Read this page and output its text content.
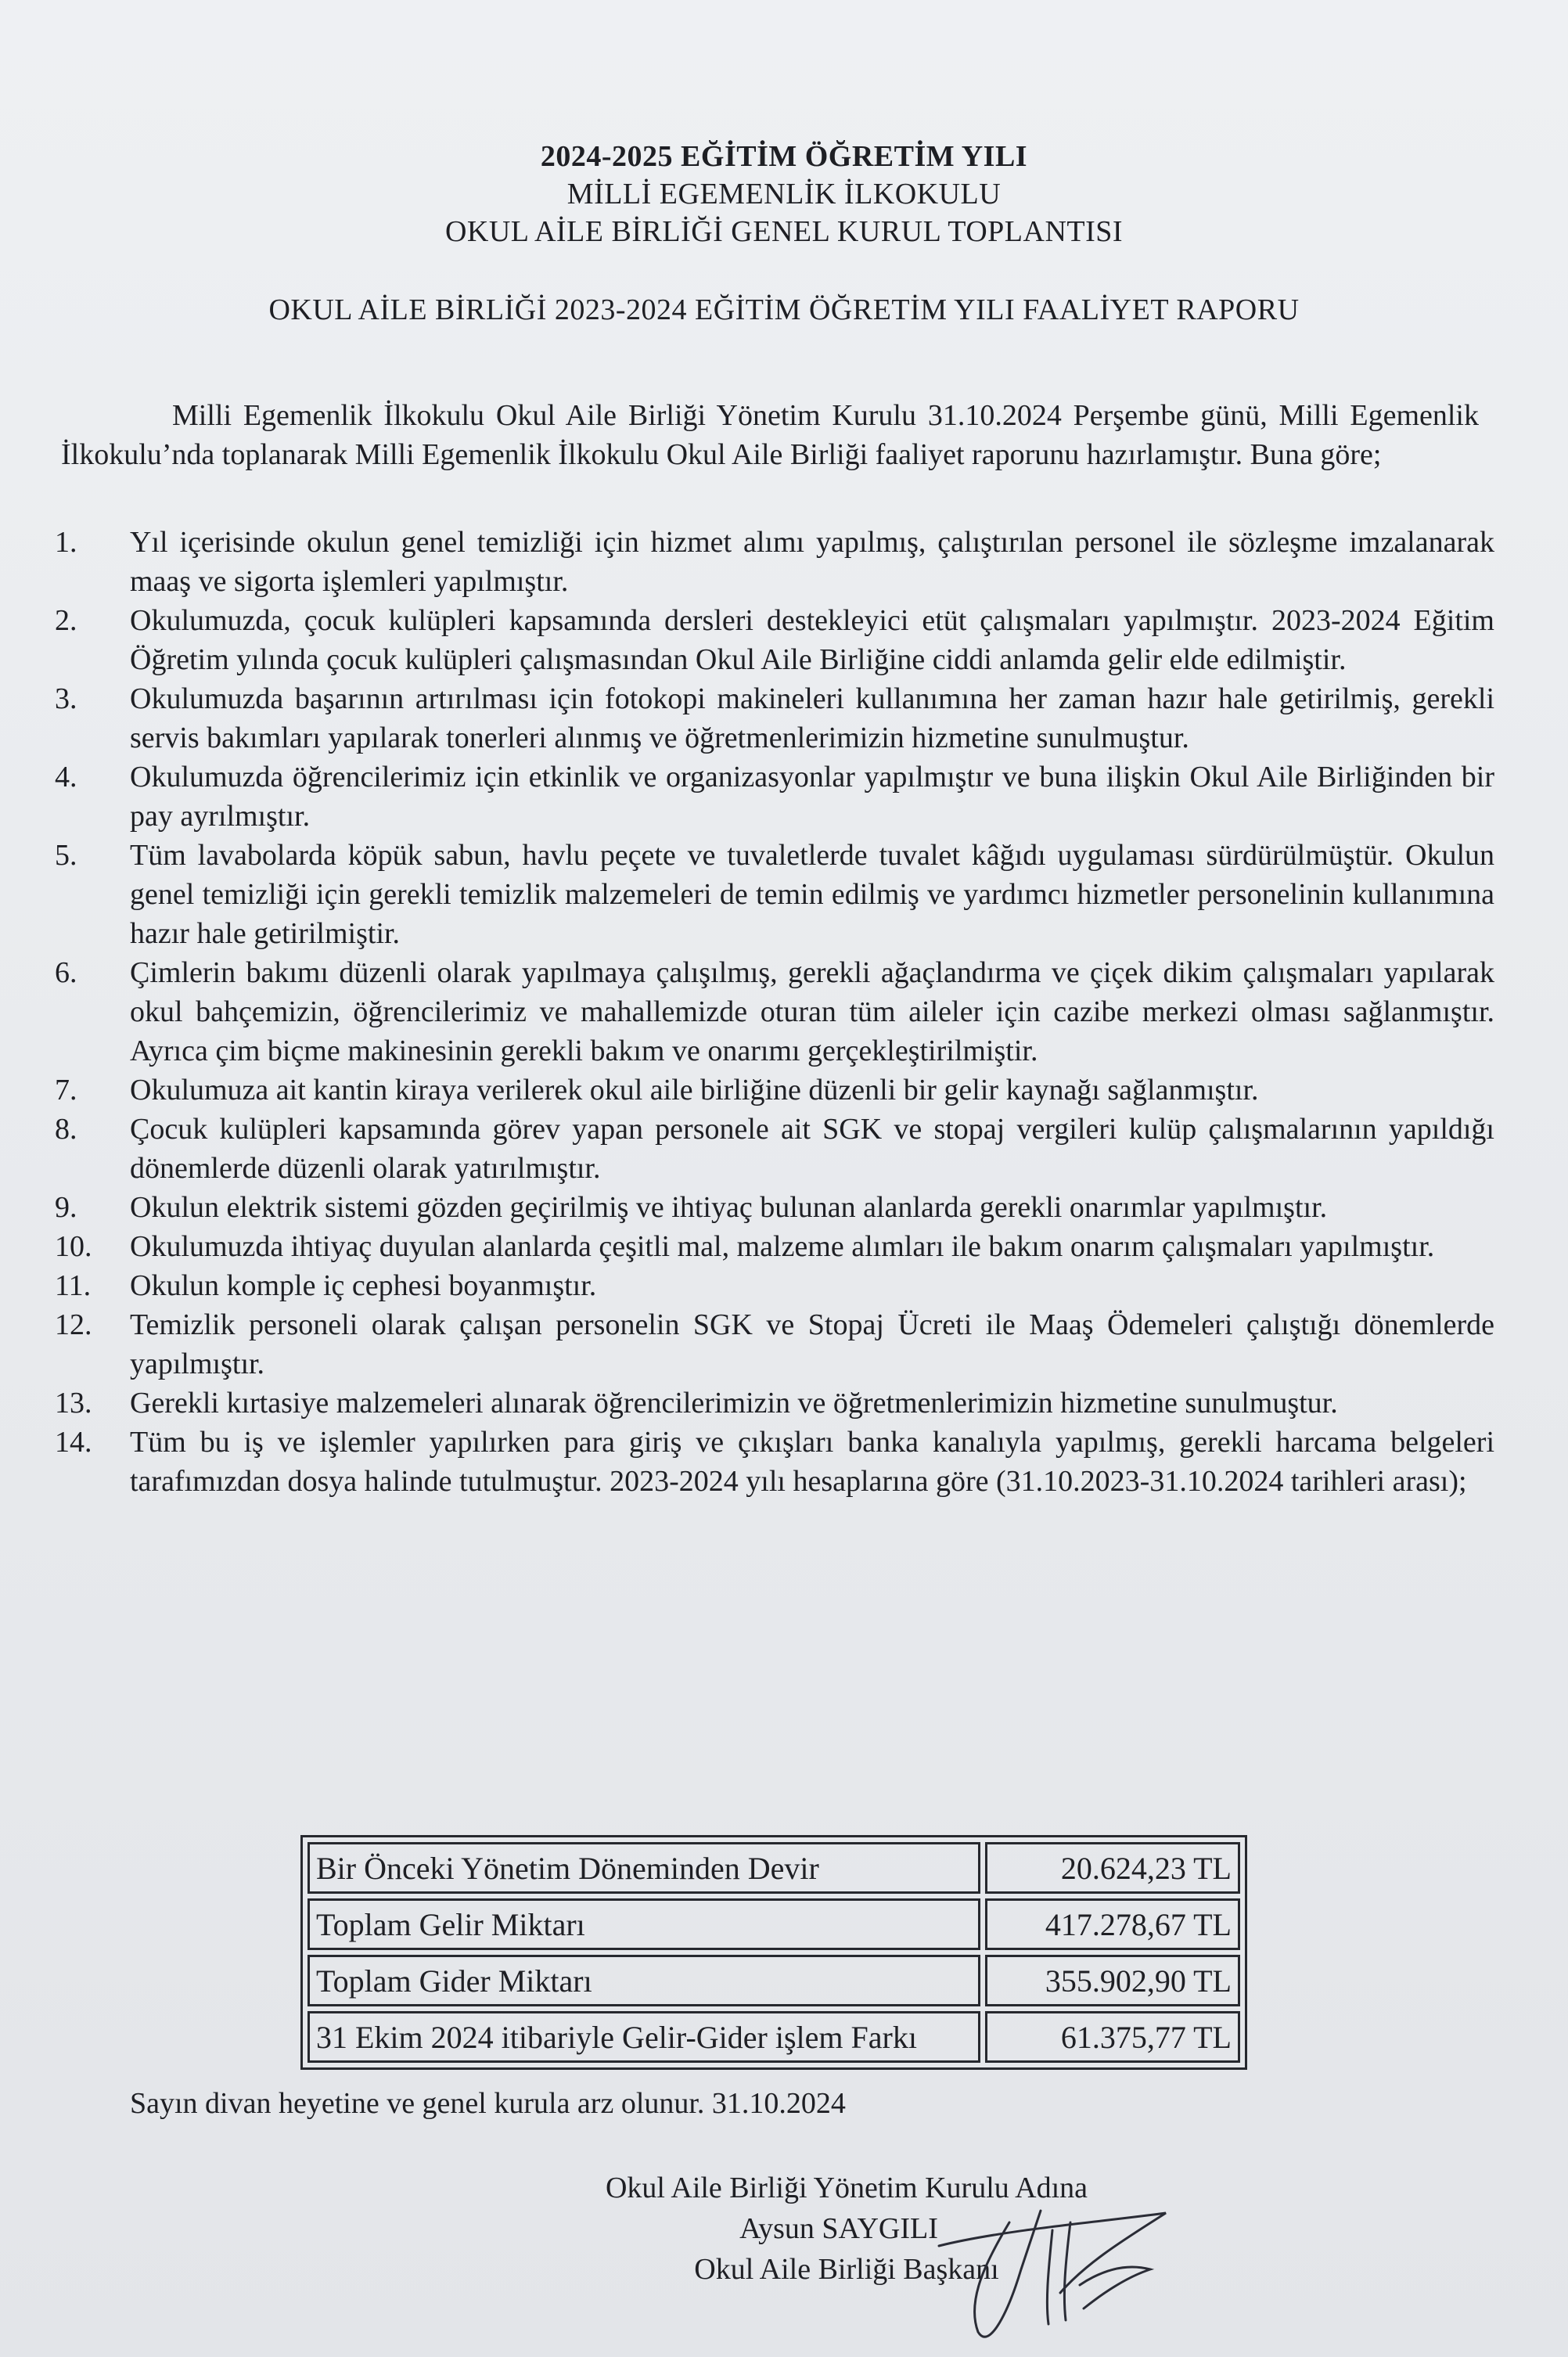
2024-2025 EĞİTİM ÖĞRETİM YILI
MİLLİ EGEMENLİK İLKOKULU
OKUL AİLE BİRLİĞİ GENEL KURUL TOPLANTISI
OKUL AİLE BİRLİĞİ 2023-2024 EĞİTİM ÖĞRETİM YILI FAALİYET RAPORU

Milli Egemenlik İlkokulu Okul Aile Birliği Yönetim Kurulu 31.10.2024 Perşembe günü, Milli Egemenlik İlkokulu’nda toplanarak Milli Egemenlik İlkokulu Okul Aile Birliği faaliyet raporunu hazırlamıştır. Buna göre;

1.	Yıl içerisinde okulun genel temizliği için hizmet alımı yapılmış, çalıştırılan personel ile sözleşme imzalanarak maaş ve sigorta işlemleri yapılmıştır.
2.	Okulumuzda, çocuk kulüpleri kapsamında dersleri destekleyici etüt çalışmaları yapılmıştır. 2023-2024 Eğitim Öğretim yılında çocuk kulüpleri çalışmasından Okul Aile Birliğine ciddi anlamda gelir elde edilmiştir.
3.	Okulumuzda başarının artırılması için fotokopi makineleri kullanımına her zaman hazır hale getirilmiş, gerekli servis bakımları yapılarak tonerleri alınmış ve öğretmenlerimizin hizmetine sunulmuştur.
4.	Okulumuzda öğrencilerimiz için etkinlik ve organizasyonlar yapılmıştır ve buna ilişkin Okul Aile Birliğinden bir pay ayrılmıştır.
5.	Tüm lavabolarda köpük sabun, havlu peçete ve tuvaletlerde tuvalet kâğıdı uygulaması sürdürülmüştür. Okulun genel temizliği için gerekli temizlik malzemeleri de temin edilmiş ve yardımcı hizmetler personelinin kullanımına hazır hale getirilmiştir.
6.	Çimlerin bakımı düzenli olarak yapılmaya çalışılmış, gerekli ağaçlandırma ve çiçek dikim çalışmaları yapılarak okul bahçemizin, öğrencilerimiz ve mahallemizde oturan tüm aileler için cazibe merkezi olması sağlanmıştır. Ayrıca çim biçme makinesinin gerekli bakım ve onarımı gerçekleştirilmiştir.
7.	Okulumuza ait kantin kiraya verilerek okul aile birliğine düzenli bir gelir kaynağı sağlanmıştır.
8.	Çocuk kulüpleri kapsamında görev yapan personele ait SGK ve stopaj vergileri kulüp çalışmalarının yapıldığı dönemlerde düzenli olarak yatırılmıştır.
9.	Okulun elektrik sistemi gözden geçirilmiş ve ihtiyaç bulunan alanlarda gerekli onarımlar yapılmıştır.
10.	Okulumuzda ihtiyaç duyulan alanlarda çeşitli mal, malzeme alımları ile bakım onarım çalışmaları yapılmıştır.
11.	Okulun komple iç cephesi boyanmıştır.
12.	Temizlik personeli olarak çalışan personelin SGK ve Stopaj Ücreti ile Maaş Ödemeleri çalıştığı dönemlerde yapılmıştır.
13.	Gerekli kırtasiye malzemeleri alınarak öğrencilerimizin ve öğretmenlerimizin hizmetine sunulmuştur.
14.	Tüm bu iş ve işlemler yapılırken para giriş ve çıkışları banka kanalıyla yapılmış, gerekli harcama belgeleri tarafımızdan dosya halinde tutulmuştur. 2023-2024 yılı hesaplarına göre (31.10.2023-31.10.2024 tarihleri arası);
Bir Önceki Yönetim Döneminden Devir	20.624,23 TL
Toplam Gelir Miktarı	417.278,67 TL
Toplam Gider Miktarı	355.902,90 TL
31 Ekim 2024 itibariyle Gelir-Gider işlem Farkı	61.375,77 TL
Sayın divan heyetine ve genel kurula arz olunur. 31.10.2024
Okul Aile Birliği Yönetim Kurulu Adına
Aysun SAYGILI
Okul Aile Birliği Başkanı
